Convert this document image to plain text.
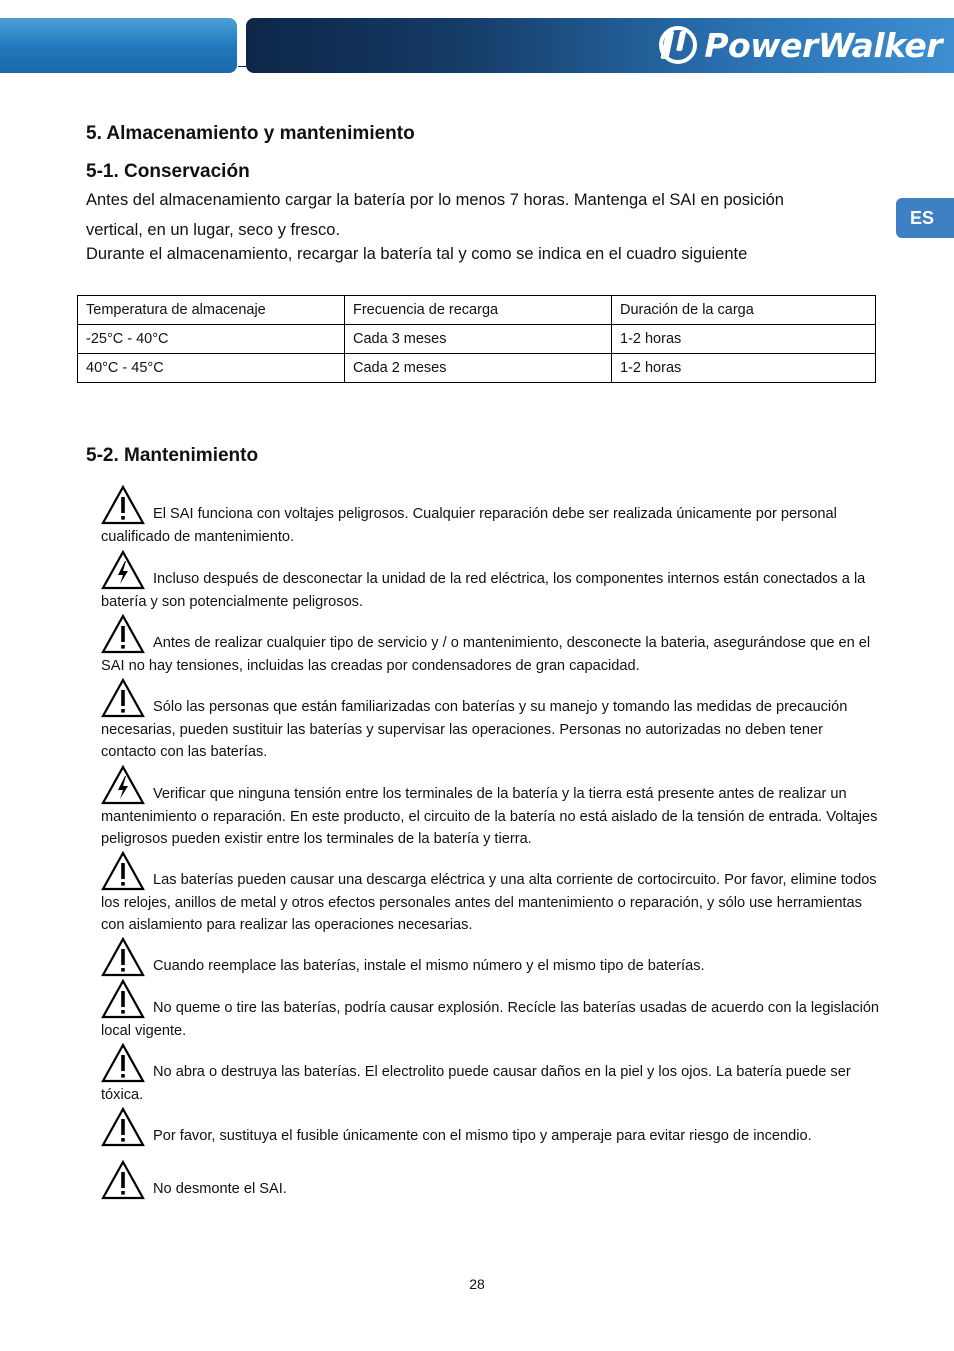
PowerWalker
ES
5. Almacenamiento y mantenimiento
5-1. Conservación

Antes del almacenamiento cargar la batería por lo menos 7 horas. Mantenga el SAI en posición

vertical, en un lugar, seco y fresco.

Durante el almacenamiento, recargar la batería tal y como se indica en el cuadro siguiente

Temperatura de almacenaje	Frecuencia de recarga	Duración de la carga
-25°C - 40°C	Cada 3 meses	1-2 horas
40°C - 45°C	Cada 2 meses	1-2 horas
5-2. Mantenimiento

El SAI funciona con voltajes peligrosos. Cualquier reparación debe ser realizada únicamente por personal cualificado de mantenimiento.

Incluso después de desconectar la unidad de la red eléctrica, los componentes internos están conectados a la batería y son potencialmente peligrosos.

Antes de realizar cualquier tipo de servicio y / o mantenimiento, desconecte la bateria, asegurándose que en el SAI no hay tensiones, incluidas las creadas por condensadores de gran capacidad.

Sólo las personas que están familiarizadas con baterías y su manejo y tomando las medidas de precaución necesarias, pueden sustituir las baterías y supervisar las operaciones. Personas no autorizadas no deben tener contacto con las baterías.

Verificar que ninguna tensión entre los terminales de la batería y la tierra está presente antes de realizar un mantenimiento o reparación. En este producto, el circuito de la batería no está aislado de la tensión de entrada. Voltajes peligrosos pueden existir entre los terminales de la batería y tierra.

Las baterías pueden causar una descarga eléctrica y una alta corriente de cortocircuito. Por favor, elimine todos los relojes, anillos de metal y otros efectos personales antes del mantenimiento o reparación, y sólo use herramientas con aislamiento para realizar las operaciones necesarias.

Cuando reemplace las baterías, instale el mismo número y el mismo tipo de baterías.

No queme o tire las baterías, podría causar explosión. Recícle las baterías usadas de acuerdo con la legislación local vigente.

No abra o destruya las baterías. El electrolito puede causar daños en la piel y los ojos. La batería puede ser tóxica.

Por favor, sustituya el fusible únicamente con el mismo tipo y amperaje para evitar riesgo de incendio.

No desmonte el SAI.

28
